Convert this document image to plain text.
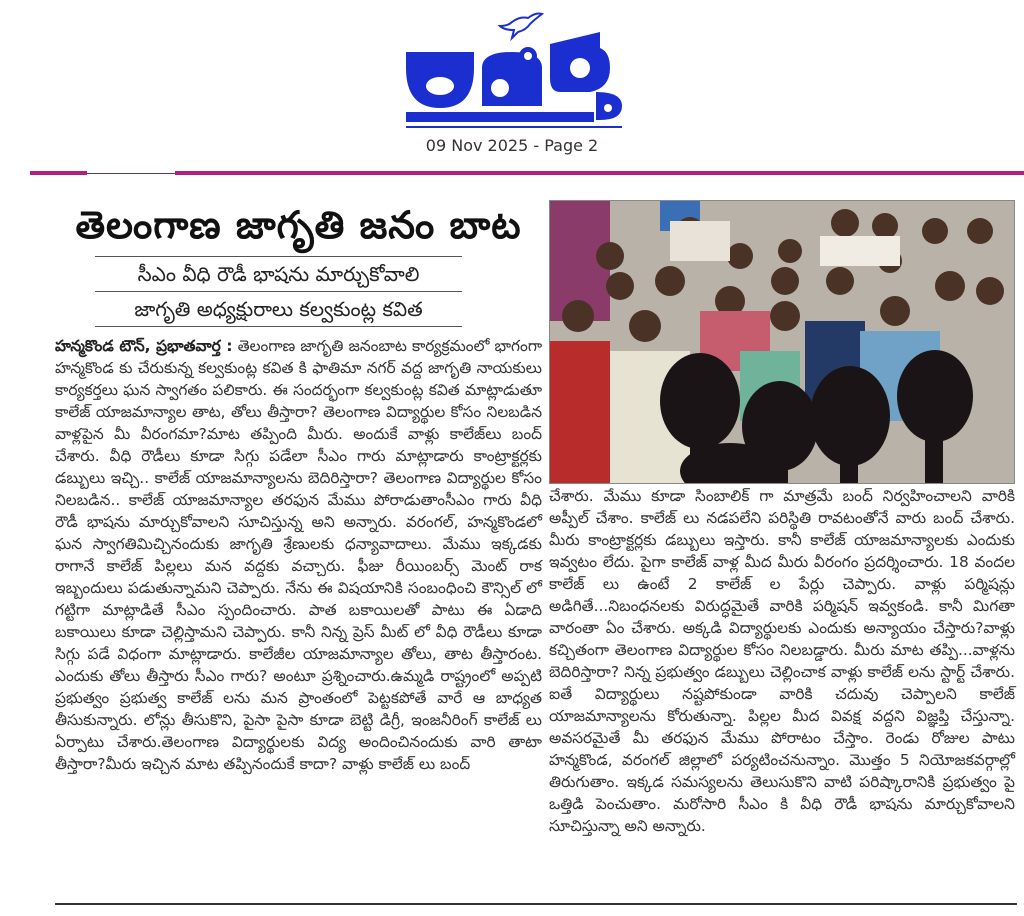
09 Nov 2025 - Page 2
తెలంగాణ జాగృతి జనం బాట
సీఎం వీధి రౌడీ భాషను మార్చుకోవాలి
జాగృతి అధ్యక్షురాలు కల్వకుంట్ల కవిత

హన్మకొండ టౌన్, ప్రభాతవార్త : తెలంగాణ జాగృతి జనంబాట కార్యక్రమంలో భాగంగా హన్మకొండ కు చేరుకున్న కల్వకుంట్ల కవిత కి ఫాతిమా నగర్ వద్ద జాగృతి నాయకులు కార్యకర్తలు ఘన స్వాగతం పలికారు. ఈ సందర్భంగా కల్వకుంట్ల కవిత మాట్లాడుతూ కాలేజ్ యాజమాన్యాల తాట, తోలు తీస్తారా? తెలంగాణ విద్యార్థుల కోసం నిలబడిన వాళ్లపైన మీ వీరంగమా?మాట తప్పింది మీరు. అందుకే వాళ్లు కాలేజ్‌లు బంద్ చేశారు. వీధి రౌడీలు కూడా సిగ్గు పడేలా సీఎం గారు మాట్లాడారు కాంట్రాక్టర్లకు డబ్బులు ఇచ్చి.. కాలేజ్ యాజమాన్యాలను బెదిరిస్తారా? తెలంగాణ విద్యార్థుల కోసం నిలబడిన.. కాలేజ్ యాజమాన్యాల తరఫున మేము పోరాడుతాంసీఎం గారు వీధి రౌడీ భాషను మార్చుకోవాలని సూచిస్తున్న అని అన్నారు. వరంగల్, హన్మకొండలో ఘన స్వాగతిమిచ్చినందుకు జాగృతి శ్రేణులకు ధన్యావాదాలు. మేము ఇక్కడకు రాగానే కాలేజ్ పిల్లలు మన వద్దకు వచ్చారు. ఫీజు రీయింబర్స్ మెంట్ రాక ఇబ్బందులు పడుతున్నామని చెప్పారు. నేను ఈ విషయానికి సంబంధించి కౌన్సిల్ లో గట్టిగా మాట్లాడితే సీఎం స్పందించారు. పాత బకాయిలతో పాటు ఈ ఏడాది బకాయిలు కూడా చెల్లిస్తామని చెప్పారు. కానీ నిన్న ప్రెస్ మీట్ లో వీధి రౌడీలు కూడా సిగ్గు పడే విధంగా మాట్లాడారు. కాలేజీల యాజమాన్యాల తోలు, తాట తీస్తారంట. ఎందుకు తోలు తీస్తారు సీఎం గారు? అంటూ ప్రశ్నించారు.ఉమ్మడి రాష్ట్రంలో అప్పటి ప్రభుత్వం ప్రభుత్వ కాలేజ్ లను మన ప్రాంతంలో పెట్టకపోతే వారే ఆ బాధ్యత తీసుకున్నారు. లోన్లు తీసుకొని, పైసా పైసా కూడా బెట్టి డిగ్రీ, ఇంజనీరింగ్ కాలేజ్ లు ఏర్పాటు చేశారు.తెలంగాణ విద్యార్థులకు విద్య అందించినందుకు వారి తాటా తీస్తారా?మీరు ఇచ్చిన మాట తప్పినందుకే కాదా? వాళ్లు కాలేజ్ లు బంద్

చేశారు. మేము కూడా సింబాలిక్ గా మాత్రమే బంద్ నిర్వహించాలని వారికి అప్పీల్ చేశాం. కాలేజ్ లు నడపలేని పరిస్థితి రావటంతోనే వారు బంద్ చేశారు. మీరు కాంట్రాక్టర్లకు డబ్బులు ఇస్తారు. కానీ కాలేజ్ యాజమాన్యాలకు ఎందుకు ఇవ్వటం లేదు. పైగా కాలేజ్ వాళ్ల మీద మీరు వీరంగం ప్రదర్శించారు. 18 వందల కాలేజ్ లు ఉంటే 2 కాలేజ్ ల పేర్లు చెప్పారు. వాళ్లు పర్మిషన్లు అడిగితే...నిబంధనలకు విరుద్ధమైతే వారికి పర్మిషన్ ఇవ్వకండి. కానీ మిగతా వారంతా ఏం చేశారు. అక్కడి విద్యార్థులకు ఎందుకు అన్యాయం చేస్తారు?వాళ్లు కచ్చితంగా తెలంగాణ విద్యార్థుల కోసం నిలబడ్డారు. మీరు మాట తప్పి...వాళ్లను బెదిరిస్తారా? నిన్న ప్రభుత్వం డబ్బులు చెల్లించాక వాళ్లు కాలేజ్ లను స్టార్ట్ చేశారు. ఐతే విద్యార్థులు నష్టపోకుండా వారికి చదువు చెప్పాలని కాలేజ్ యాజమాన్యాలను కోరుతున్నా. పిల్లల మీద వివక్ష వద్దని విజ్ఞప్తి చేస్తున్నా. అవసరమైతే మీ తరఫున మేము పోరాటం చేస్తాం. రెండు రోజుల పాటు హన్మకొండ, వరంగల్ జిల్లాలో పర్యటించనున్నాం. మొత్తం 5 నియోజకవర్గాల్లో తిరుగుతాం. ఇక్కడ సమస్యలను తెలుసుకొని వాటి పరిష్కారానికి ప్రభుత్వం పై ఒత్తిడి పెంచుతాం. మరోసారి సీఎం కి వీధి రౌడీ భాషను మార్చుకోవాలని సూచిస్తున్నా అని అన్నారు.
